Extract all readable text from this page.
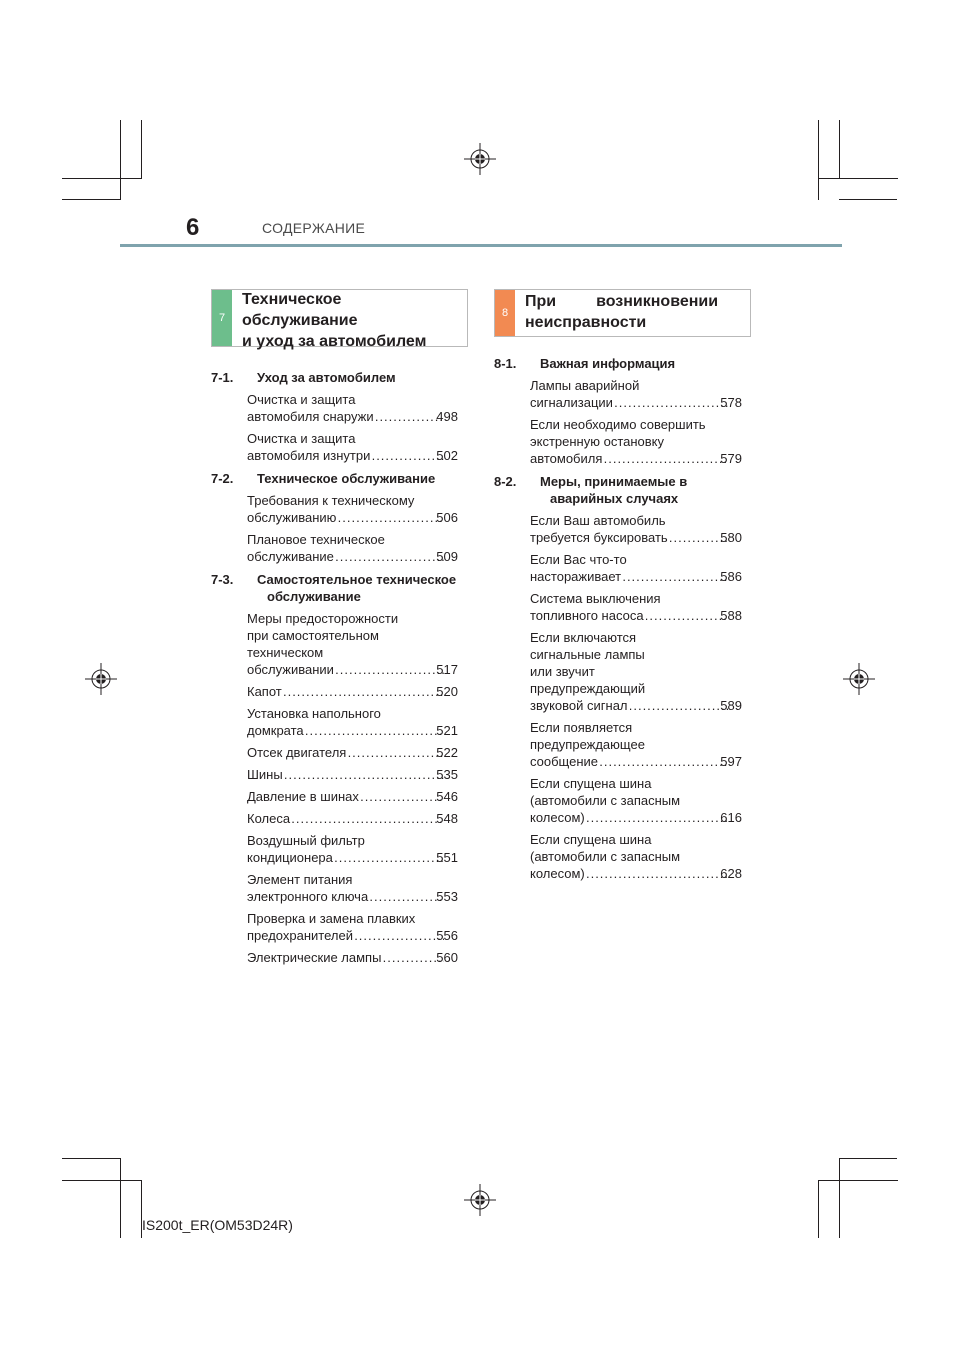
6	СОДЕРЖАНИЕ
7
Техническое
обслуживание
и уход за автомобилем
8
При         возникновении
неисправности
7-1. Уход за автомобилем
Очистка и защита
автомобиля снаружи .....	498
Очистка и защита
автомобиля изнутри .....	502
7-2. Техническое обслуживание
Требования к техническому
обслуживанию .....	506
Плановое техническое
обслуживание .....	509
7-3. Самостоятельное техническое обслуживание
Меры предосторожности
при самостоятельном
техническом
обслуживании .....	517
Капот .....	520
Установка напольного
домкрата .....	521
Отсек двигателя .....	522
Шины .....	535
Давление в шинах .....	546
Колеса .....	548
Воздушный фильтр
кондиционера .....	551
Элемент питания
электронного ключа .....	553
Проверка и замена плавких
предохранителей .....	556
Электрические лампы .....	560
8-1. Важная информация
Лампы аварийной
сигнализации .....	578
Если необходимо совершить
экстренную остановку
автомобиля .....	579
8-2. Меры, принимаемые в аварийных случаях
Если Ваш автомобиль
требуется буксировать .....	580
Если Вас что-то
настораживает .....	586
Система выключения
топливного насоса .....	588
Если включаются
сигнальные лампы
или звучит
предупреждающий
звуковой сигнал .....	589
Если появляется
предупреждающее
сообщение .....	597
Если спущена шина
(автомобили с запасным
колесом) .....	616
Если спущена шина
(автомобили с запасным
колесом) .....	628
IS200t_ER(OM53D24R)
